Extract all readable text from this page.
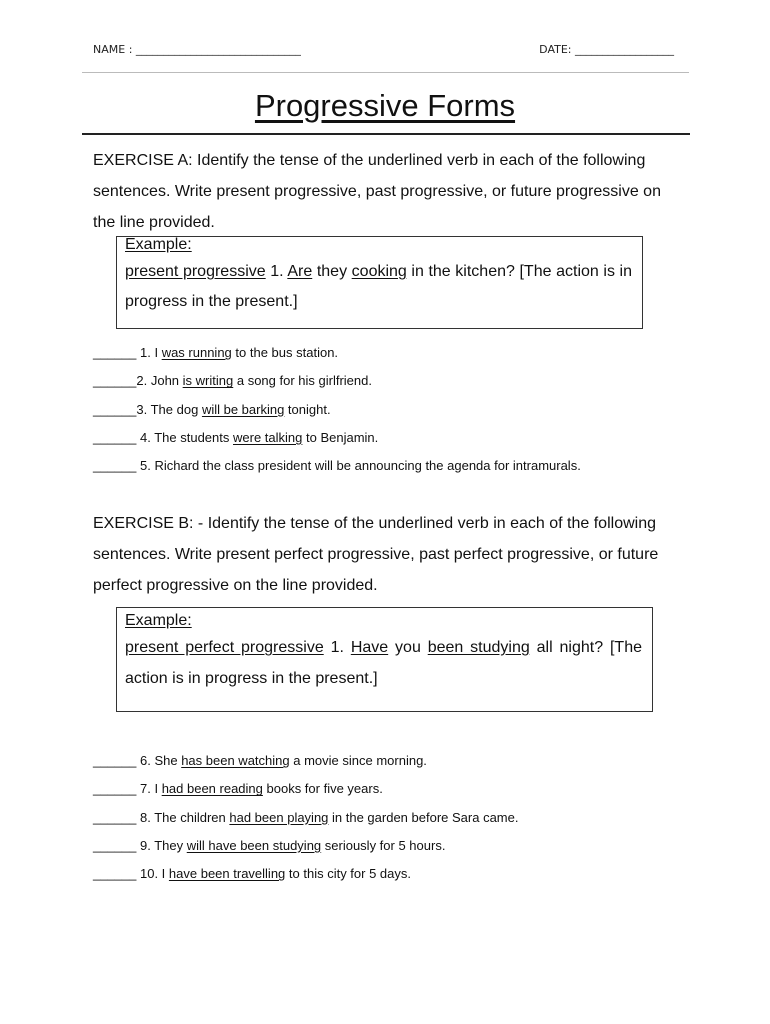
NAME : ______________________________	DATE: __________________
Progressive Forms
EXERCISE A: Identify the tense of the underlined verb in each of the following sentences. Write present progressive, past progressive, or future progressive on the line provided.
Example:
present progressive 1. Are they cooking in the kitchen? [The action is in progress in the present.]
______ 1. I was running to the bus station.
______2. John is writing a song for his girlfriend.
______3. The dog will be barking tonight.
______ 4. The students were talking to Benjamin.
______ 5. Richard the class president will be announcing the agenda for intramurals.
EXERCISE B: - Identify the tense of the underlined verb in each of the following sentences. Write present perfect progressive, past perfect progressive, or future perfect progressive on the line provided.
Example:
present perfect progressive 1. Have you been studying all night? [The action is in progress in the present.]
______ 6. She has been watching a movie since morning.
______ 7. I had been reading books for five years.
______ 8. The children had been playing in the garden before Sara came.
______ 9. They will have been studying seriously for 5 hours.
______ 10. I have been travelling to this city for 5 days.
